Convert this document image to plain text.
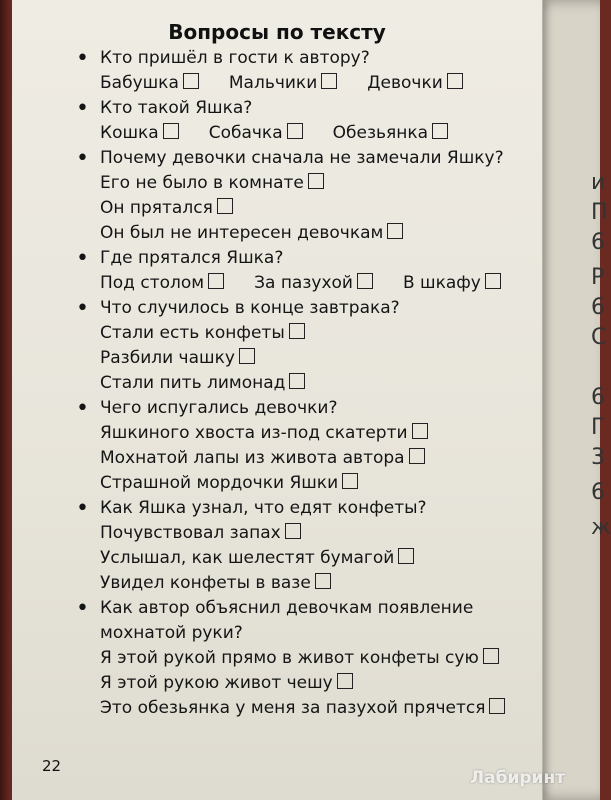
и
П
6
Р
6
С
6
Г
3
6
ж
Вопросы по тексту
• Кто пришёл в гости к автору?
Бабушка	Мальчики	Девочки
• Кто такой Яшка?
Кошка	Собачка	Обезьянка
• Почему девочки сначала не замечали Яшку?
Его не было в комнате
Он прятался
Он был не интересен девочкам
• Где прятался Яшка?
Под столом	За пазухой	В шкафу
• Что случилось в конце завтрака?
Стали есть конфеты
Разбили чашку
Стали пить лимонад
• Чего испугались девочки?
Яшкиного хвоста из-под скатерти
Мохнатой лапы из живота автора
Страшной мордочки Яшки
• Как Яшка узнал, что едят конфеты?
Почувствовал запах
Услышал, как шелестят бумагой
Увидел конфеты в вазе
• Как автор объяснил девочкам появление мохнатой руки?
Я этой рукой прямо в живот конфеты сую
Я этой рукою живот чешу
Это обезьянка у меня за пазухой прячется
22
Лабиринт
